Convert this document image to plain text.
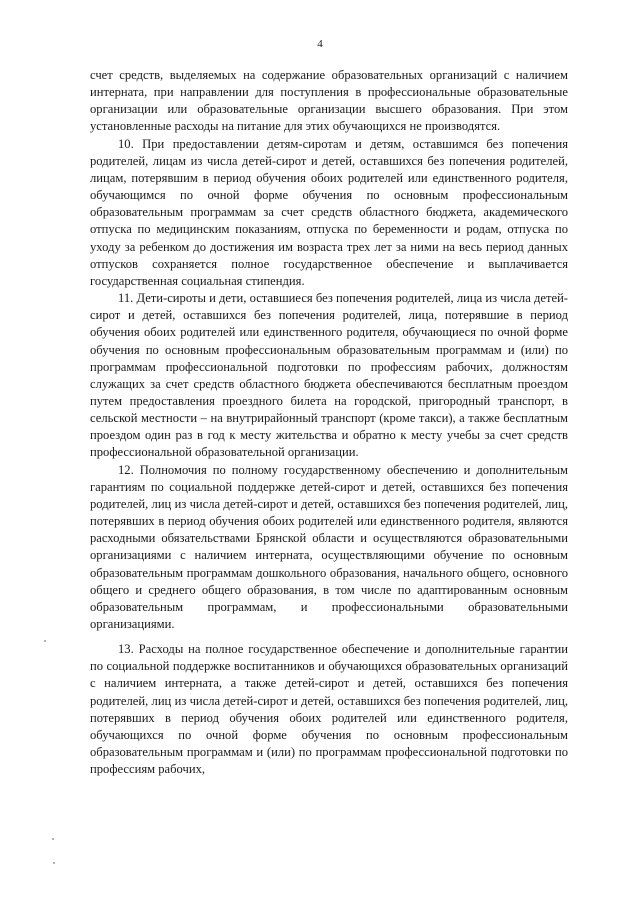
4

счет средств, выделяемых на содержание образовательных организаций с наличием интерната, при направлении для поступления в профессиональные образовательные организации или образовательные организации высшего образования. При этом установленные расходы на питание для этих обучающихся не производятся.

10. При предоставлении детям-сиротам и детям, оставшимся без попечения родителей, лицам из числа детей-сирот и детей, оставшихся без попечения родителей, лицам, потерявшим в период обучения обоих родителей или единственного родителя, обучающимся по очной форме обучения по основным профессиональным образовательным программам за счет средств областного бюджета, академического отпуска по медицинским показаниям, отпуска по беременности и родам, отпуска по уходу за ребенком до достижения им возраста трех лет за ними на весь период данных отпусков сохраняется полное государственное обеспечение и выплачивается государственная социальная стипендия.

11. Дети-сироты и дети, оставшиеся без попечения родителей, лица из числа детей-сирот и детей, оставшихся без попечения родителей, лица, потерявшие в период обучения обоих родителей или единственного родителя, обучающиеся по очной форме обучения по основным профессиональным образовательным программам и (или) по программам профессиональной подготовки по профессиям рабочих, должностям служащих за счет средств областного бюджета обеспечиваются бесплатным проездом путем предоставления проездного билета на городской, пригородный транспорт, в сельской местности – на внутрирайонный транспорт (кроме такси), а также бесплатным проездом один раз в год к месту жительства и обратно к месту учебы за счет средств профессиональной образовательной организации.

12. Полномочия по полному государственному обеспечению и дополнительным гарантиям по социальной поддержке детей-сирот и детей, оставшихся без попечения родителей, лиц из числа детей-сирот и детей, оставшихся без попечения родителей, лиц, потерявших в период обучения обоих родителей или единственного родителя, являются расходными обязательствами Брянской области и осуществляются образовательными организациями с наличием интерната, осуществляющими обучение по основным образовательным программам дошкольного образования, начального общего, основного общего и среднего общего образования, в том числе по адаптированным основным образовательным программам, и профессиональными образовательными организациями.

13. Расходы на полное государственное обеспечение и дополнительные гарантии по социальной поддержке воспитанников и обучающихся образовательных организаций с наличием интерната, а также детей-сирот и детей, оставшихся без попечения родителей, лиц из числа детей-сирот и детей, оставшихся без попечения родителей, лиц, потерявших в период обучения обоих родителей или единственного родителя, обучающихся по очной форме обучения по основным профессиональным образовательным программам и (или) по программам профессиональной подготовки по профессиям рабочих,
